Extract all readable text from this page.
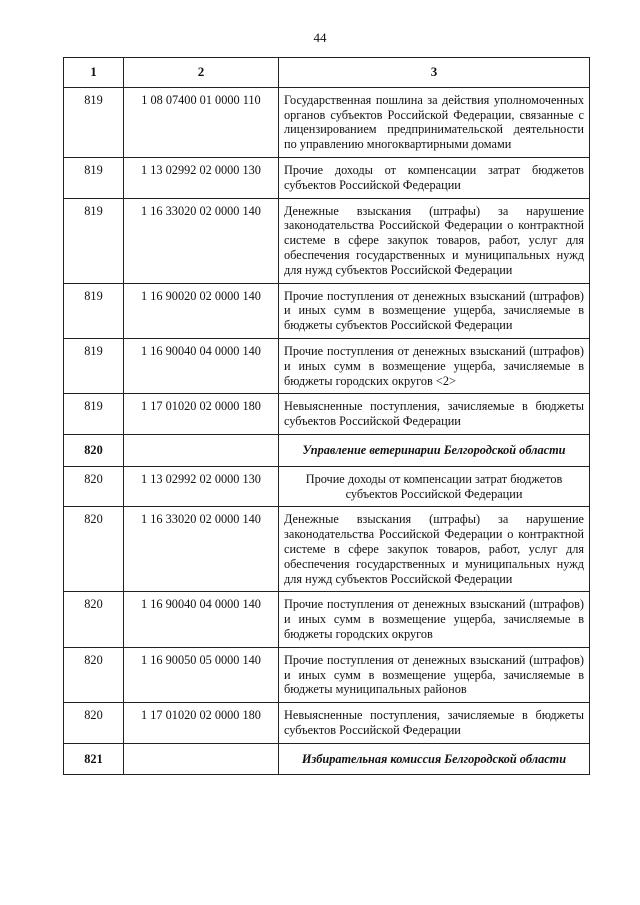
44
1	2	3
819	1 08 07400 01 0000 110	Государственная пошлина за действия уполномоченных органов субъектов Российской Федерации, связанные с лицензированием предпринимательской деятельности по управлению многоквартирными домами
819	1 13 02992 02 0000 130	Прочие доходы от компенсации затрат бюджетов субъектов Российской Федерации
819	1 16 33020 02 0000 140	Денежные взыскания (штрафы) за нарушение законодательства Российской Федерации о контрактной системе в сфере закупок товаров, работ, услуг для обеспечения государственных и муниципальных нужд для нужд субъектов Российской Федерации
819	1 16 90020 02 0000 140	Прочие поступления от денежных взысканий (штрафов) и иных сумм в возмещение ущерба, зачисляемые в бюджеты субъектов Российской Федерации
819	1 16 90040 04 0000 140	Прочие поступления от денежных взысканий (штрафов) и иных сумм в возмещение ущерба, зачисляемые в бюджеты городских округов <2>
819	1 17 01020 02 0000 180	Невыясненные поступления, зачисляемые в бюджеты субъектов Российской Федерации
820		Управление ветеринарии Белгородской области
820	1 13 02992 02 0000 130	Прочие доходы от компенсации затрат бюджетов субъектов Российской Федерации
820	1 16 33020 02 0000 140	Денежные взыскания (штрафы) за нарушение законодательства Российской Федерации о контрактной системе в сфере закупок товаров, работ, услуг для обеспечения государственных и муниципальных нужд для нужд субъектов Российской Федерации
820	1 16 90040 04 0000 140	Прочие поступления от денежных взысканий (штрафов) и иных сумм в возмещение ущерба, зачисляемые в бюджеты городских округов
820	1 16 90050 05 0000 140	Прочие поступления от денежных взысканий (штрафов) и иных сумм в возмещение ущерба, зачисляемые в бюджеты муниципальных районов
820	1 17 01020 02 0000 180	Невыясненные поступления, зачисляемые в бюджеты субъектов Российской Федерации
821		Избирательная комиссия Белгородской области
